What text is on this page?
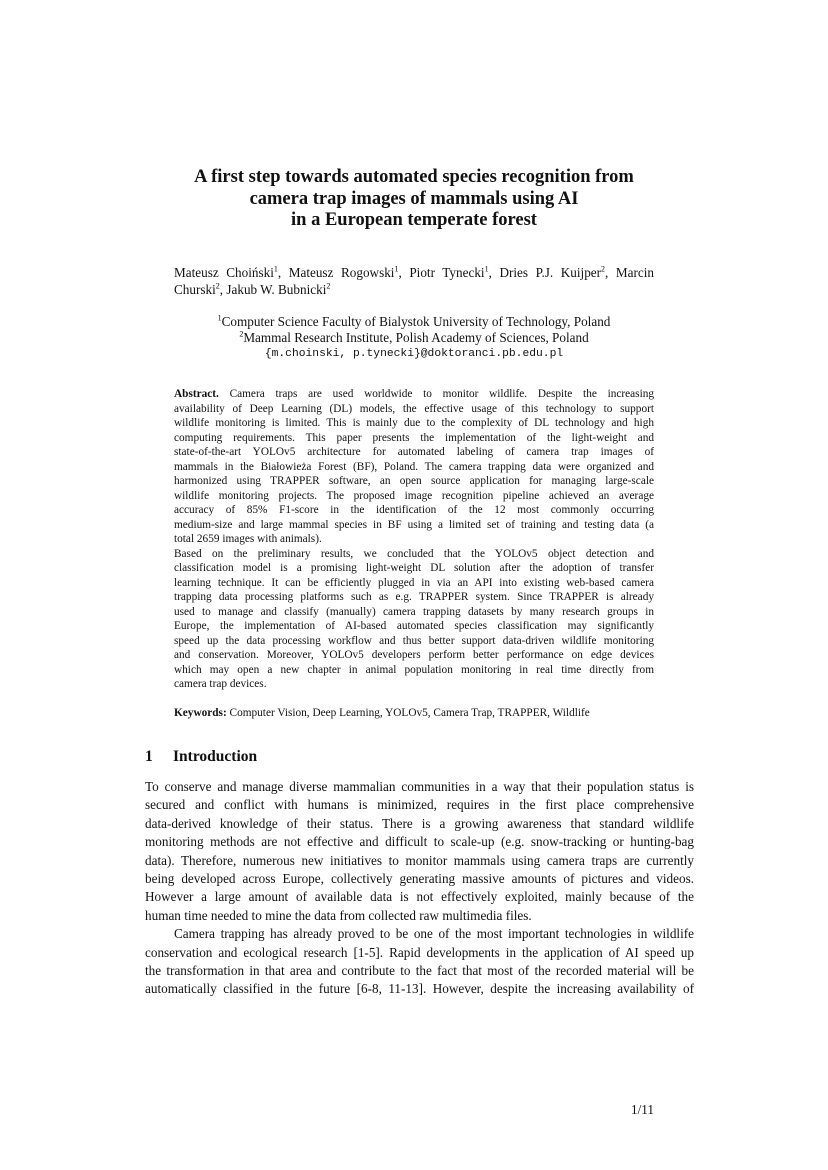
A first step towards automated species recognition from
camera trap images of mammals using AI
in a European temperate forest
Mateusz Choiński$^1$, Mateusz Rogowski$^1$, Piotr Tynecki$^1$, Dries P.J. Kuijper$^2$, Marcin
Churski$^2$, Jakub W. Bubnicki$^2$
$^1$Computer Science Faculty of Bialystok University of Technology, Poland
$^2$Mammal Research Institute, Polish Academy of Sciences, Poland
{m.choinski, p.tynecki}@doktoranci.pb.edu.pl
Abstract. Camera traps are used worldwide to monitor wildlife. Despite the increasing
availability of Deep Learning (DL) models, the effective usage of this technology to support
wildlife monitoring is limited. This is mainly due to the complexity of DL technology and high
computing requirements. This paper presents the implementation of the light-weight and
state-of-the-art YOLOv5 architecture for automated labeling of camera trap images of
mammals in the Białowieża Forest (BF), Poland. The camera trapping data were organized and
harmonized using TRAPPER software, an open source application for managing large-scale
wildlife monitoring projects. The proposed image recognition pipeline achieved an average
accuracy of 85% F1-score in the identification of the 12 most commonly occurring
medium-size and large mammal species in BF using a limited set of training and testing data (a
total 2659 images with animals).
Based on the preliminary results, we concluded that the YOLOv5 object detection and
classification model is a promising light-weight DL solution after the adoption of transfer
learning technique. It can be efficiently plugged in via an API into existing web-based camera
trapping data processing platforms such as e.g. TRAPPER system. Since TRAPPER is already
used to manage and classify (manually) camera trapping datasets by many research groups in
Europe, the implementation of AI-based automated species classification may significantly
speed up the data processing workflow and thus better support data-driven wildlife monitoring
and conservation. Moreover, YOLOv5 developers perform better performance on edge devices
which may open a new chapter in animal population monitoring in real time directly from
camera trap devices.
Keywords: Computer Vision, Deep Learning, YOLOv5, Camera Trap, TRAPPER, Wildlife
1 Introduction
To conserve and manage diverse mammalian communities in a way that their population status is
secured and conflict with humans is minimized, requires in the first place comprehensive
data-derived knowledge of their status. There is a growing awareness that standard wildlife
monitoring methods are not effective and difficult to scale-up (e.g. snow-tracking or hunting-bag
data). Therefore, numerous new initiatives to monitor mammals using camera traps are currently
being developed across Europe, collectively generating massive amounts of pictures and videos.
However a large amount of available data is not effectively exploited, mainly because of the
human time needed to mine the data from collected raw multimedia files.
Camera trapping has already proved to be one of the most important technologies in wildlife
conservation and ecological research [1-5]. Rapid developments in the application of AI speed up
the transformation in that area and contribute to the fact that most of the recorded material will be
automatically classified in the future [6-8, 11-13]. However, despite the increasing availability of
1/11
